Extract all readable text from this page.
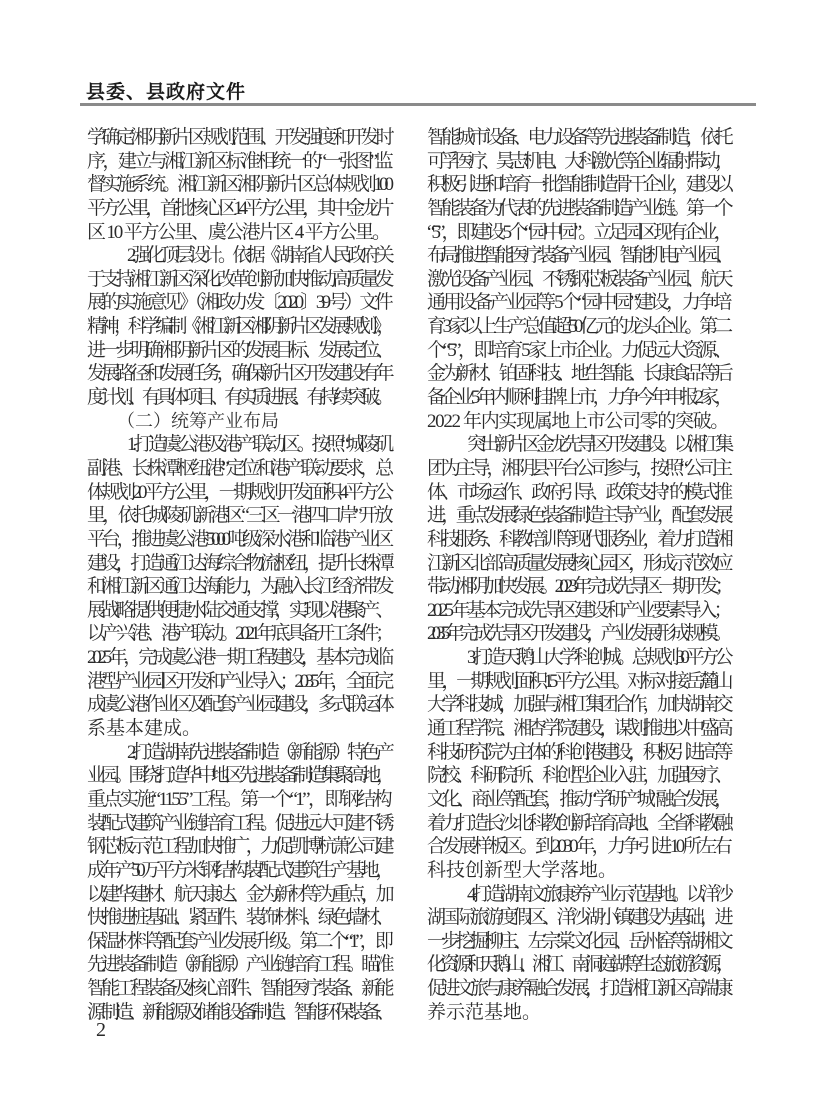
县委、县政府文件
学确定湘阴新片区规划范围、开发强度和开发时
序，建立与湘江新区标准相统一的“一张图”监
督实施系统。湘江新区湘阴新片区总体规划 100
平方公里，首批核心区 14 平方公里，其中金龙片
区 10 平方公里、虞公港片区 4 平方公里。
2. 强化顶层设计。依据《湖南省人民政府关
于支持湘江新区深化改革创新加快推动高质量发
展的实施意见》（湘政办发〔2020〕39 号）文件
精神，科学编制《湘江新区湘阴新片区发展规划》，
进一步明确湘阴新片区的发展目标、发展定位、
发展路径和发展任务，确保新片区开发建设有年
度计划、有具体项目、有实质进展、有持续突破。
（二）统筹产业布局
1. 打造虞公港及港产联动区。按照“城陵矶
副港、长株潭枢纽港”定位和港产联动要求，总
体规划 20 平方公里，一期规划开发面积 4 平方公
里，依托城陵矶新港区“三区一港四口岸”开放
平台，推进虞公港 5000 吨级深水港和临港产业区
建设，打造通江达海综合物流枢纽，提升长株潭
和湘江新区通江达海能力，为融入长江经济带发
展战略提供便捷水陆交通支撑，实现以港聚产、
以产兴港、港产联动。2021 年底具备开工条件；
2025 年，完成虞公港一期工程建设，基本完成临
港型产业园区开发和产业导入；2035 年，全面完
成虞公港作业区及配套产业园建设，多式联运体
系基本建成。
2. 打造湖南先进装备制造（新能源）特色产
业园。围绕打造华中地区先进装备制造集聚高地，
重点实施“1155”工程。第一个“1”，即钢结构
装配式建筑产业链培育工程。促进远大可建不锈
钢芯板示范工程加快推广，力促凯博杭萧公司建
成年产 50 万平方米钢结构装配式建筑生产基地，
以建华建材、航天康达、金为新材等为重点，加
快推进桩基础、紧固件、装饰材料、绿色墙材、
保温材料等配套产业发展升级。第二个“1”，即
先进装备制造（新能源）产业链培育工程。瞄准
智能工程装备及核心部件、智能医疗装备、新能
源制造、新能源及储能设备制造、智能环保装备、
智能城市设备、电力设备等先进装备制造，依托
可孚医疗、昊志机电、大科激光等企业辐射带动，
积极引进和培育一批智能制造骨干企业，建设以
智能装备为代表的先进装备制造产业链。第一个
“5”，即建设 5 个“园中园”。立足园区现有企业，
布局推进智能医疗装备产业园、智能机电产业园、
激光设备产业园、不锈钢芯板装备产业园、航天
通用设备产业园等 5 个“园中园”建设，力争培
育 3 家以上生产总值超 50 亿元的龙头企业。第二
个“5”，即培育 5 家上市企业。力促远大资源、
金为新材、铂固科技、地生智能、长康食品等后
备企业 5 年内顺利挂牌上市，力争今年申报 2 家，
2022 年内实现属地上市公司零的突破。
突出新片区金龙先导区开发建设。以湘江集
团为主导，湘阴县平台公司参与，按照“公司主
体、市场运作、政府引导、政策支持”的模式推
进，重点发展绿色装备制造主导产业，配套发展
科技服务、科教培训等现代服务业，着力打造湘
江新区北部高质量发展核心园区，形成示范效应
带动湘阴加快发展。2023 年完成先导区一期开发；
2025 年基本完成先导区建设和产业要素导入；
2035 年完成先导区开发建设，产业发展形成规模。
3. 打造天鹅山大学科创城。总规划 30 平方公
里，一期规划面积 15 平方公里。对标对接岳麓山
大学科技城，加强与湘江集团合作，加快湖南交
通工程学院、湘杏学院建设，谋划推进以中盛高
科技研究院为主体的科创港建设，积极引进高等
院校、科研院所、科创型企业入驻，加强医疗、
文化、商业等配套，推动“学研产城”融合发展，
着力打造长沙北科教创新培育高地、全省科教融
合发展样板区。到 2030 年，力争引进 10 所左右
科技创新型大学落地。
4. 打造湖南文旅康养产业示范基地。以洋沙
湖国际旅游度假区、洋沙湖小镇建设为基础，进
一步挖掘柳庄、左宗棠文化园、岳州窑等湖湘文
化资源和天鹅山、湘江、南洞庭湖等生态旅游资源，
促进文旅与康养融合发展，打造湘江新区高端康
养示范基地。
2
